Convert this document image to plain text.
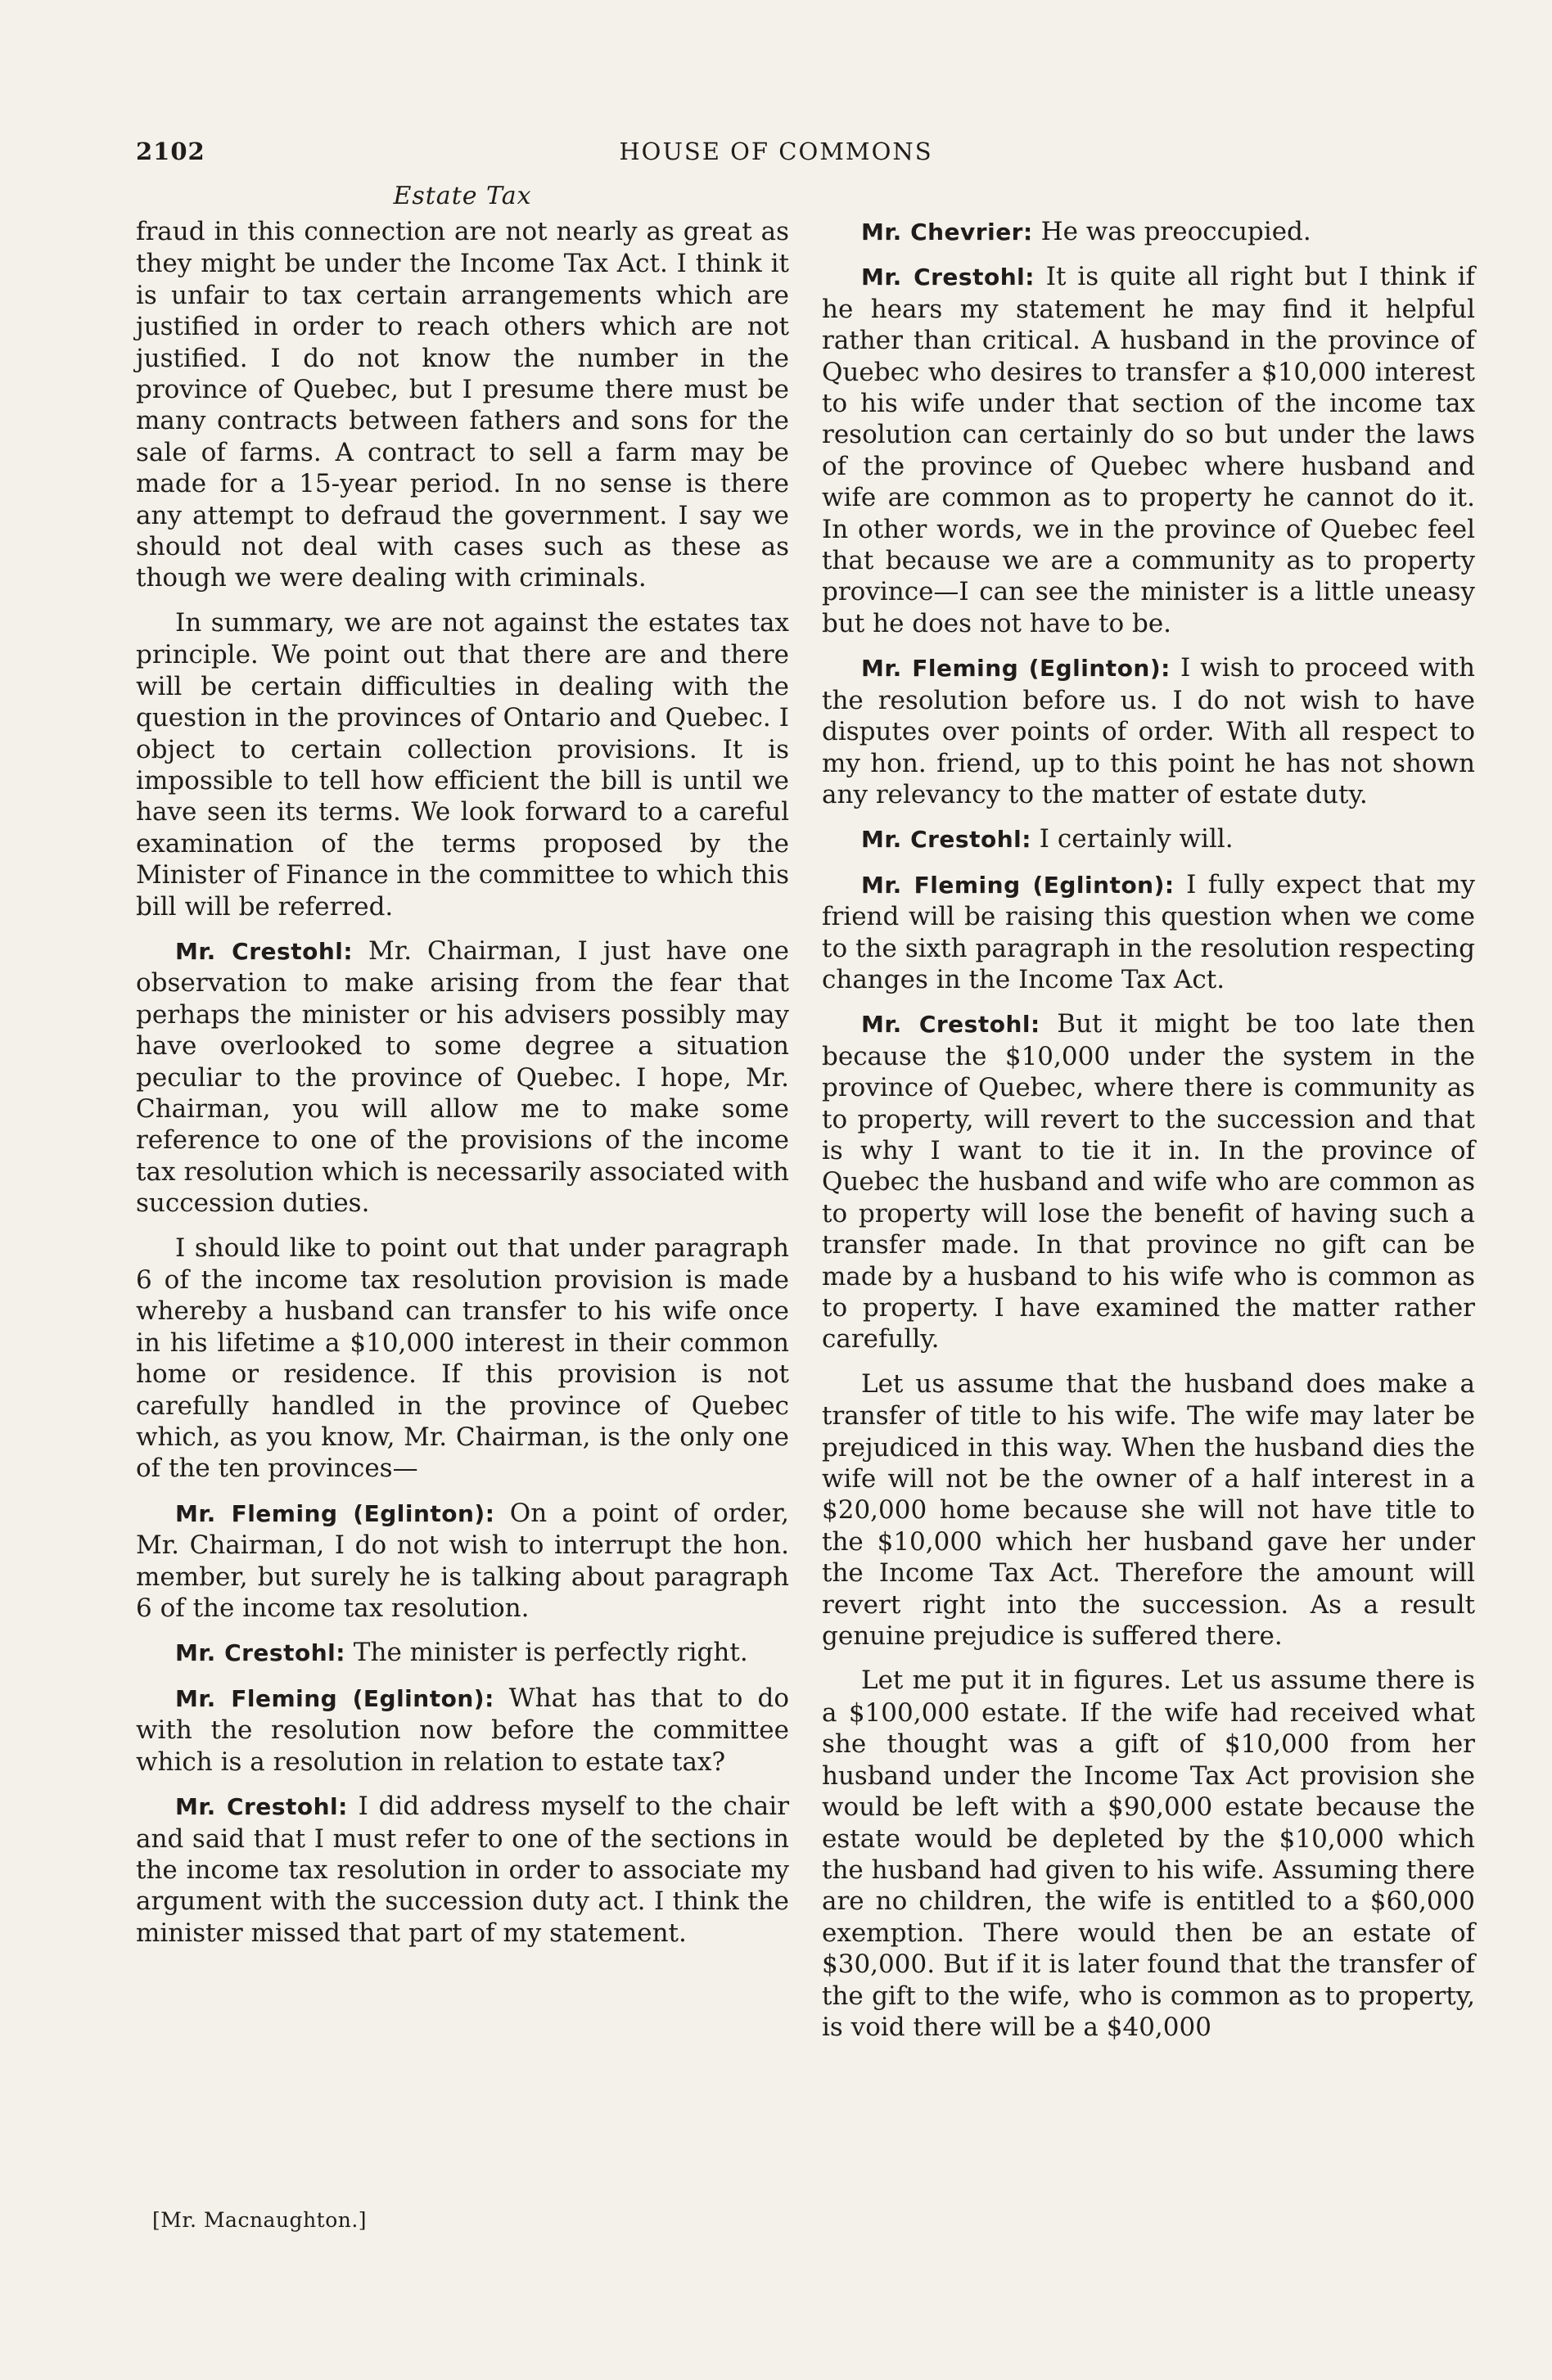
2102	HOUSE OF COMMONS
Estate Tax

fraud in this connection are not nearly as great as they might be under the Income Tax Act. I think it is unfair to tax certain arrangements which are justified in order to reach others which are not justified. I do not know the number in the province of Quebec, but I presume there must be many contracts between fathers and sons for the sale of farms. A contract to sell a farm may be made for a 15-year period. In no sense is there any attempt to defraud the government. I say we should not deal with cases such as these as though we were dealing with criminals.

In summary, we are not against the estates tax principle. We point out that there are and there will be certain difficulties in dealing with the question in the provinces of Ontario and Quebec. I object to certain collection provisions. It is impossible to tell how efficient the bill is until we have seen its terms. We look forward to a careful examination of the terms proposed by the Minister of Finance in the committee to which this bill will be referred.

Mr. Crestohl: Mr. Chairman, I just have one observation to make arising from the fear that perhaps the minister or his advisers possibly may have overlooked to some degree a situation peculiar to the province of Quebec. I hope, Mr. Chairman, you will allow me to make some reference to one of the provisions of the income tax resolution which is necessarily associated with succession duties.

I should like to point out that under paragraph 6 of the income tax resolution provision is made whereby a husband can transfer to his wife once in his lifetime a $10,000 interest in their common home or residence. If this provision is not carefully handled in the province of Quebec which, as you know, Mr. Chairman, is the only one of the ten provinces—

Mr. Fleming (Eglinton): On a point of order, Mr. Chairman, I do not wish to interrupt the hon. member, but surely he is talking about paragraph 6 of the income tax resolution.

Mr. Crestohl: The minister is perfectly right.

Mr. Fleming (Eglinton): What has that to do with the resolution now before the committee which is a resolution in relation to estate tax?

Mr. Crestohl: I did address myself to the chair and said that I must refer to one of the sections in the income tax resolution in order to associate my argument with the succession duty act. I think the minister missed that part of my statement.

Mr. Chevrier: He was preoccupied.

Mr. Crestohl: It is quite all right but I think if he hears my statement he may find it helpful rather than critical. A husband in the province of Quebec who desires to transfer a $10,000 interest to his wife under that section of the income tax resolution can certainly do so but under the laws of the province of Quebec where husband and wife are common as to property he cannot do it. In other words, we in the province of Quebec feel that because we are a community as to property province—I can see the minister is a little uneasy but he does not have to be.

Mr. Fleming (Eglinton): I wish to proceed with the resolution before us. I do not wish to have disputes over points of order. With all respect to my hon. friend, up to this point he has not shown any relevancy to the matter of estate duty.

Mr. Crestohl: I certainly will.

Mr. Fleming (Eglinton): I fully expect that my friend will be raising this question when we come to the sixth paragraph in the resolution respecting changes in the Income Tax Act.

Mr. Crestohl: But it might be too late then because the $10,000 under the system in the province of Quebec, where there is community as to property, will revert to the succession and that is why I want to tie it in. In the province of Quebec the husband and wife who are common as to property will lose the benefit of having such a transfer made. In that province no gift can be made by a husband to his wife who is common as to property. I have examined the matter rather carefully.

Let us assume that the husband does make a transfer of title to his wife. The wife may later be prejudiced in this way. When the husband dies the wife will not be the owner of a half interest in a $20,000 home because she will not have title to the $10,000 which her husband gave her under the Income Tax Act. Therefore the amount will revert right into the succession. As a result genuine prejudice is suffered there.

Let me put it in figures. Let us assume there is a $100,000 estate. If the wife had received what she thought was a gift of $10,000 from her husband under the Income Tax Act provision she would be left with a $90,000 estate because the estate would be depleted by the $10,000 which the husband had given to his wife. Assuming there are no children, the wife is entitled to a $60,000 exemption. There would then be an estate of $30,000. But if it is later found that the transfer of the gift to the wife, who is common as to property, is void there will be a $40,000

[Mr. Macnaughton.]
